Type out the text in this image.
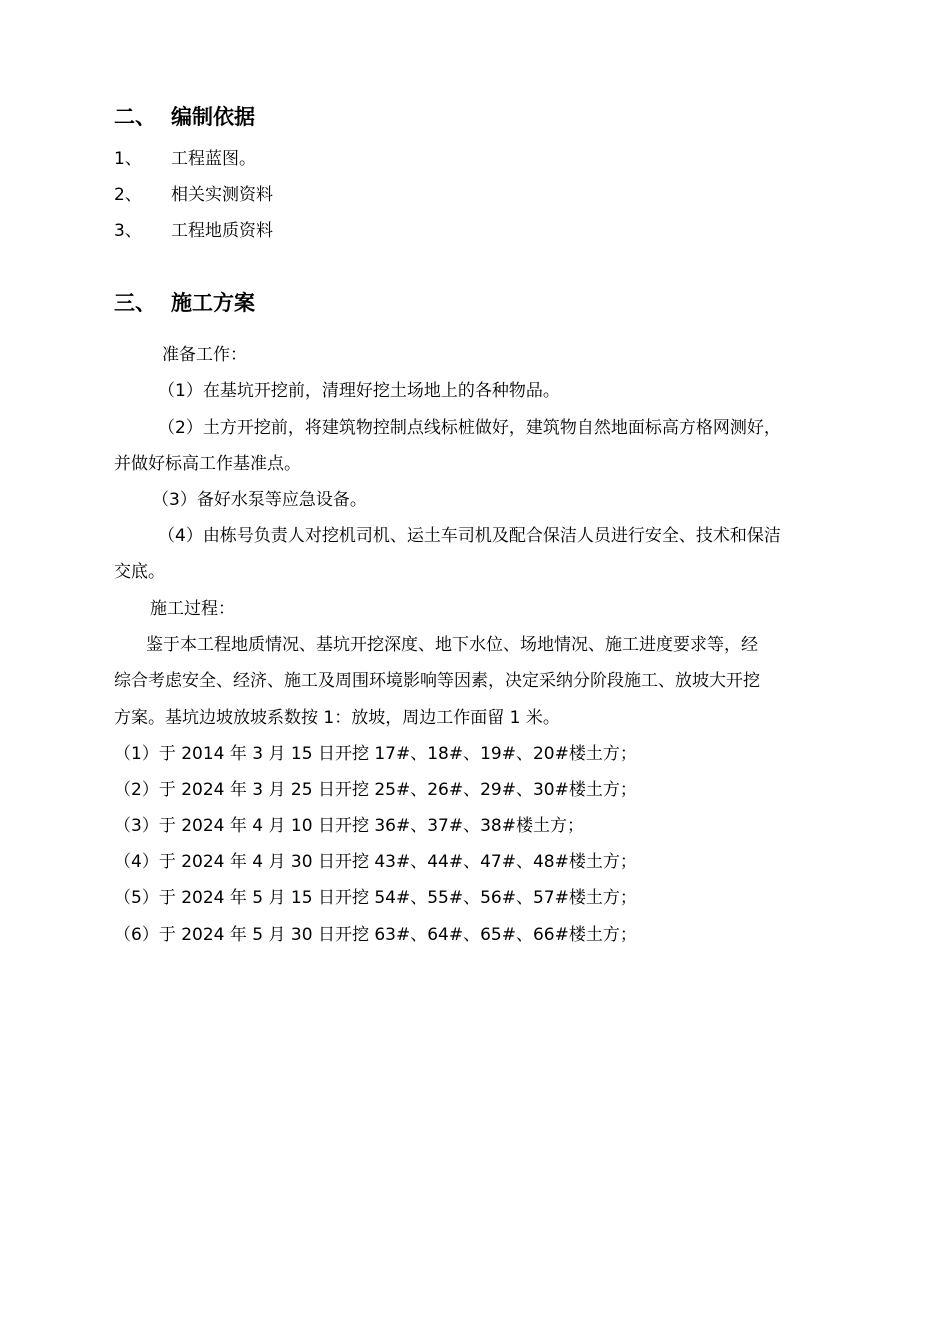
二、 编制依据
1、 工程蓝图。
2、 相关实测资料
3、 工程地质资料
三、 施工方案
准备工作：
（1）在基坑开挖前，清理好挖土场地上的各种物品。
（2）土方开挖前，将建筑物控制点线标桩做好，建筑物自然地面标高方格网测好，
并做好标高工作基准点。
（3）备好水泵等应急设备。
（4）由栋号负责人对挖机司机、运土车司机及配合保洁人员进行安全、技术和保洁
交底。
施工过程：
鉴于本工程地质情况、基坑开挖深度、地下水位、场地情况、施工进度要求等，经
综合考虑安全、经济、施工及周围环境影响等因素，决定采纳分阶段施工、放坡大开挖
方案。基坑边坡放坡系数按 1：放坡，周边工作面留 1 米。
（1）于 2014 年 3 月 15 日开挖 17#、18#、19#、20#楼土方；
（2）于 2024 年 3 月 25 日开挖 25#、26#、29#、30#楼土方；
（3）于 2024 年 4 月 10 日开挖 36#、37#、38#楼土方；
（4）于 2024 年 4 月 30 日开挖 43#、44#、47#、48#楼土方；
（5）于 2024 年 5 月 15 日开挖 54#、55#、56#、57#楼土方；
（6）于 2024 年 5 月 30 日开挖 63#、64#、65#、66#楼土方；
